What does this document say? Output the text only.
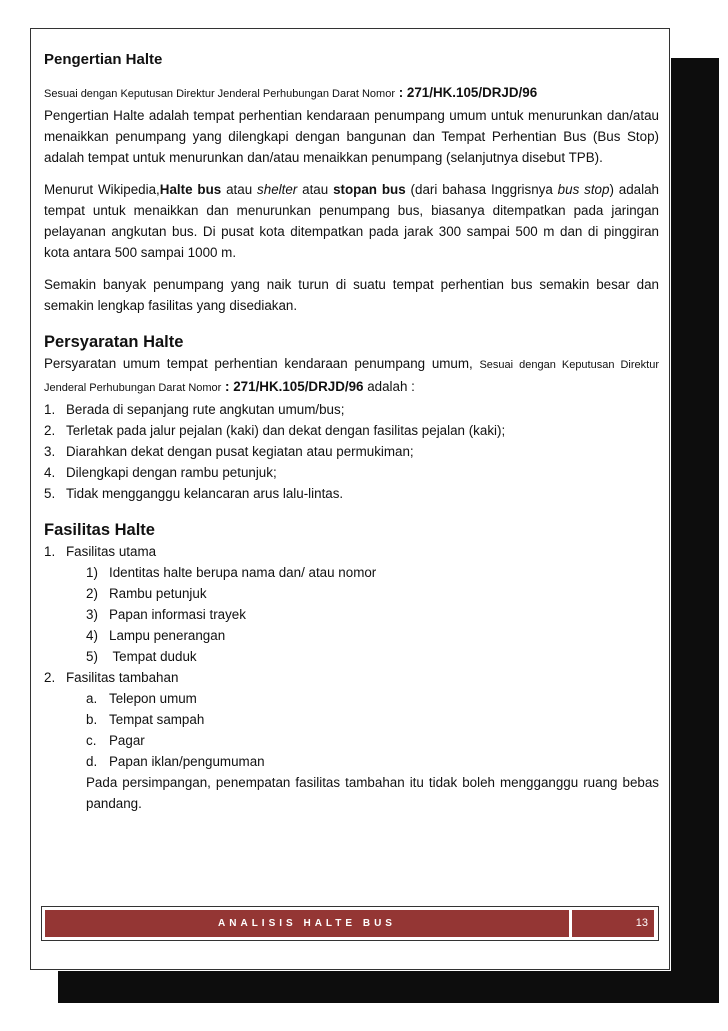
Pengertian Halte

Sesuai dengan Keputusan Direktur Jenderal Perhubungan Darat Nomor : 271/HK.105/DRJD/96

Pengertian Halte adalah tempat perhentian kendaraan penumpang umum untuk menurunkan dan/atau menaikkan penumpang yang dilengkapi dengan bangunan dan Tempat Perhentian Bus (Bus Stop) adalah tempat untuk menurunkan dan/atau menaikkan penumpang (selanjutnya disebut TPB).

Menurut Wikipedia,Halte bus atau shelter atau stopan bus (dari bahasa Inggrisnya bus stop) adalah tempat untuk menaikkan dan menurunkan penumpang bus, biasanya ditempatkan pada jaringan pelayanan angkutan bus. Di pusat kota ditempatkan pada jarak 300 sampai 500 m dan di pinggiran kota antara 500 sampai 1000 m.

Semakin banyak penumpang yang naik turun di suatu tempat perhentian bus semakin besar dan semakin lengkap fasilitas yang disediakan.

Persyaratan Halte

Persyaratan umum tempat perhentian kendaraan penumpang umum, Sesuai dengan Keputusan Direktur Jenderal Perhubungan Darat Nomor : 271/HK.105/DRJD/96 adalah :

1. Berada di sepanjang rute angkutan umum/bus;
2. Terletak pada jalur pejalan (kaki) dan dekat dengan fasilitas pejalan (kaki);
3. Diarahkan dekat dengan pusat kegiatan atau permukiman;
4. Dilengkapi dengan rambu petunjuk;
5. Tidak mengganggu kelancaran arus lalu-lintas.
Fasilitas Halte
1. Fasilitas utama
1) Identitas halte berupa nama dan/ atau nomor
2) Rambu petunjuk
3) Papan informasi trayek
4) Lampu penerangan
5) Tempat duduk
2. Fasilitas tambahan
a. Telepon umum
b. Tempat sampah
c. Pagar
d. Papan iklan/pengumuman

Pada persimpangan, penempatan fasilitas tambahan itu tidak boleh mengganggu ruang bebas pandang.

ANALISIS HALTE BUS	13
